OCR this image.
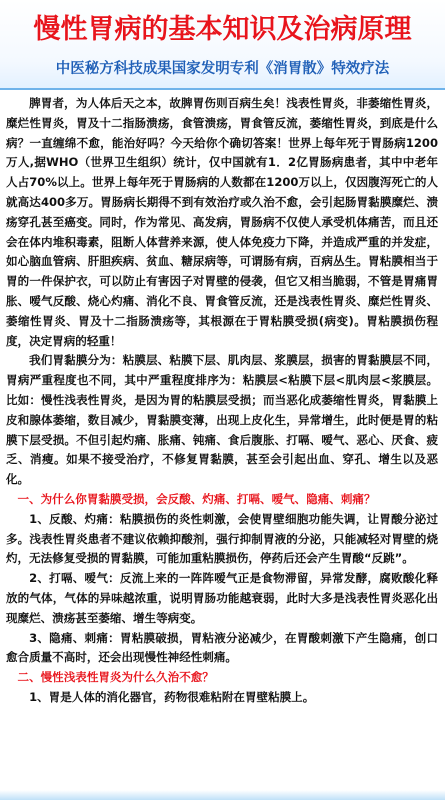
慢性胃病的基本知识及治病原理
中医秘方科技成果国家发明专利《消胃散》特效疗法

脾胃者，为人体后天之本，故脾胃伤则百病生矣！浅表性胃炎，非萎缩性胃炎，糜烂性胃炎，胃及十二指肠溃疡，食管溃疡，胃食管反流，萎缩性胃炎，到底是什么病？一直缠绵不愈，能治好吗？今天给你个确切答案！世界上每年死于胃肠病1200万人,据WHO（世界卫生组织）统计，仅中国就有1．2亿胃肠病患者，其中中老年人占70%以上。世界上每年死于胃肠病的人数都在1200万以上，仅因腹泻死亡的人就高达400多万。胃肠病长期得不到有效治疗或久治不愈，会引起肠胃黏膜糜烂、溃疡穿孔甚至癌变。同时，作为常见、高发病，胃肠病不仅使人承受机体痛苦，而且还会在体内堆积毒素，阻断人体营养来源，使人体免疫力下降，并造成严重的并发症，如心脑血管病、肝胆疾病、贫血、糖尿病等，可谓肠有病，百病丛生。胃粘膜相当于胃的一件保护衣，可以防止有害因子对胃壁的侵袭，但它又相当脆弱，不管是胃痛胃胀、嗳气反酸、烧心灼痛、消化不良、胃食管反流，还是浅表性胃炎、糜烂性胃炎、萎缩性胃炎、胃及十二指肠溃疡等，其根源在于胃粘膜受损(病变)。胃粘膜损伤程度，决定胃病的轻重！

我们胃黏膜分为：粘膜层、粘膜下层、肌肉层、浆膜层，损害的胃黏膜层不同，胃病严重程度也不同，其中严重程度排序为：粘膜层<粘膜下层<肌肉层<浆膜层。比如：慢性浅表性胃炎，是因为胃的粘膜层受损；而当恶化成萎缩性胃炎，胃黏膜上皮和腺体萎缩，数目减少，胃黏膜变薄，出现上皮化生，异常增生，此时便是胃的粘膜下层受损。不但引起灼痛、胀痛、钝痛、食后腹胀、打嗝、嗳气、恶心、厌食、疲乏、消瘦。如果不接受治疗，不修复胃黏膜，甚至会引起出血、穿孔、增生以及恶化。

一、为什么你胃黏膜受损，会反酸、灼痛、打嗝、嗳气、隐痛、刺痛？

1、反酸、灼痛：粘膜损伤的炎性刺激，会使胃壁细胞功能失调，让胃酸分泌过多。浅表性胃炎患者不建议依赖抑酸剂，强行抑制胃液的分泌，只能减轻对胃壁的烧灼，无法修复受损的胃黏膜，可能加重粘膜损伤，停药后还会产生胃酸“反跳”。

2、打嗝、嗳气：反流上来的一阵阵嗳气正是食物滞留，异常发酵，腐败酸化释放的气体，气体的异味越浓重，说明胃肠功能越衰弱，此时大多是浅表性胃炎恶化出现糜烂、溃疡甚至萎缩、增生等病变。

3、隐痛、刺痛：胃粘膜破损，胃粘液分泌减少，在胃酸刺激下产生隐痛，创口愈合质量不高时，还会出现慢性神经性刺痛。

二、慢性浅表性胃炎为什么久治不愈？

1、胃是人体的消化器官，药物很难粘附在胃壁粘膜上。
